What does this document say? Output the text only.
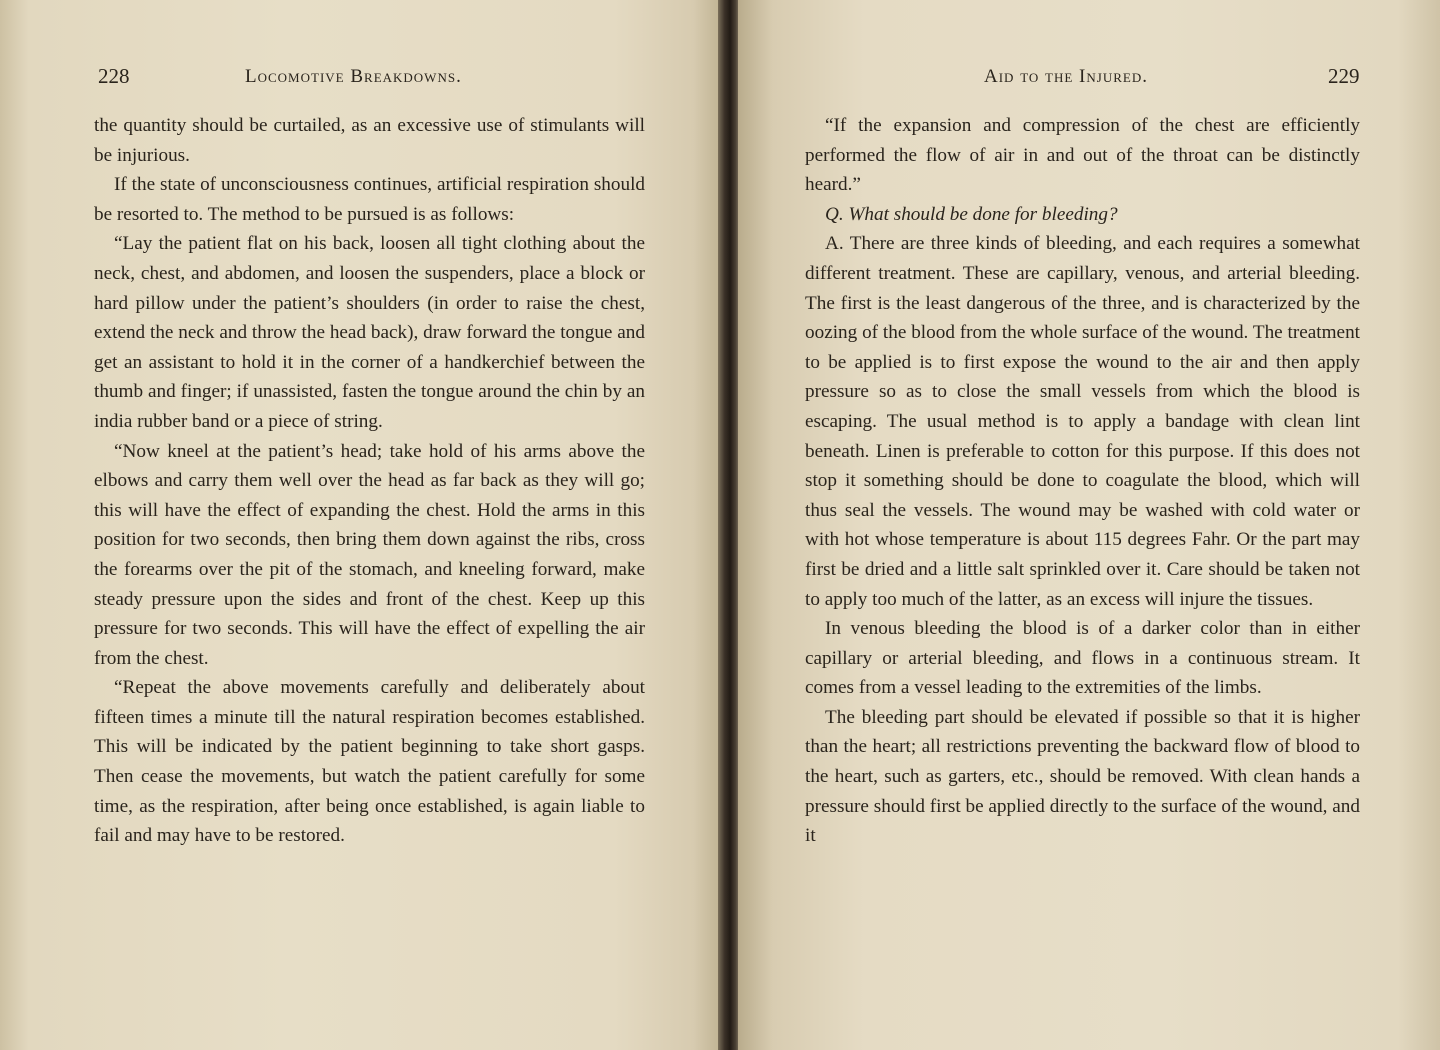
228	Locomotive Breakdowns.

the quantity should be curtailed, as an excessive use of stimulants will be injurious.

If the state of unconsciousness continues, artificial respiration should be resorted to. The method to be pursued is as follows:

“Lay the patient flat on his back, loosen all tight clothing about the neck, chest, and abdomen, and loosen the suspenders, place a block or hard pillow under the patient’s shoulders (in order to raise the chest, extend the neck and throw the head back), draw forward the tongue and get an assistant to hold it in the corner of a handkerchief between the thumb and finger; if unassisted, fasten the tongue around the chin by an india rubber band or a piece of string.

“Now kneel at the patient’s head; take hold of his arms above the elbows and carry them well over the head as far back as they will go; this will have the effect of expanding the chest. Hold the arms in this position for two seconds, then bring them down against the ribs, cross the forearms over the pit of the stomach, and kneeling forward, make steady pressure upon the sides and front of the chest. Keep up this pressure for two seconds. This will have the effect of expelling the air from the chest.

“Repeat the above movements carefully and deliberately about fifteen times a minute till the natural respiration becomes established. This will be indicated by the patient beginning to take short gasps. Then cease the movements, but watch the patient carefully for some time, as the respiration, after being once established, is again liable to fail and may have to be restored.

Aid to the Injured.	229

“If the expansion and compression of the chest are efficiently performed the flow of air in and out of the throat can be distinctly heard.”

Q. What should be done for bleeding?

A. There are three kinds of bleeding, and each requires a somewhat different treatment. These are capillary, venous, and arterial bleeding. The first is the least dangerous of the three, and is characterized by the oozing of the blood from the whole surface of the wound. The treatment to be applied is to first expose the wound to the air and then apply pressure so as to close the small vessels from which the blood is escaping. The usual method is to apply a bandage with clean lint beneath. Linen is preferable to cotton for this purpose. If this does not stop it something should be done to coagulate the blood, which will thus seal the vessels. The wound may be washed with cold water or with hot whose temperature is about 115 degrees Fahr. Or the part may first be dried and a little salt sprinkled over it. Care should be taken not to apply too much of the latter, as an excess will injure the tissues.

In venous bleeding the blood is of a darker color than in either capillary or arterial bleeding, and flows in a continuous stream. It comes from a vessel leading to the extremities of the limbs.

The bleeding part should be elevated if possible so that it is higher than the heart; all restrictions preventing the backward flow of blood to the heart, such as garters, etc., should be removed. With clean hands a pressure should first be applied directly to the surface of the wound, and it
